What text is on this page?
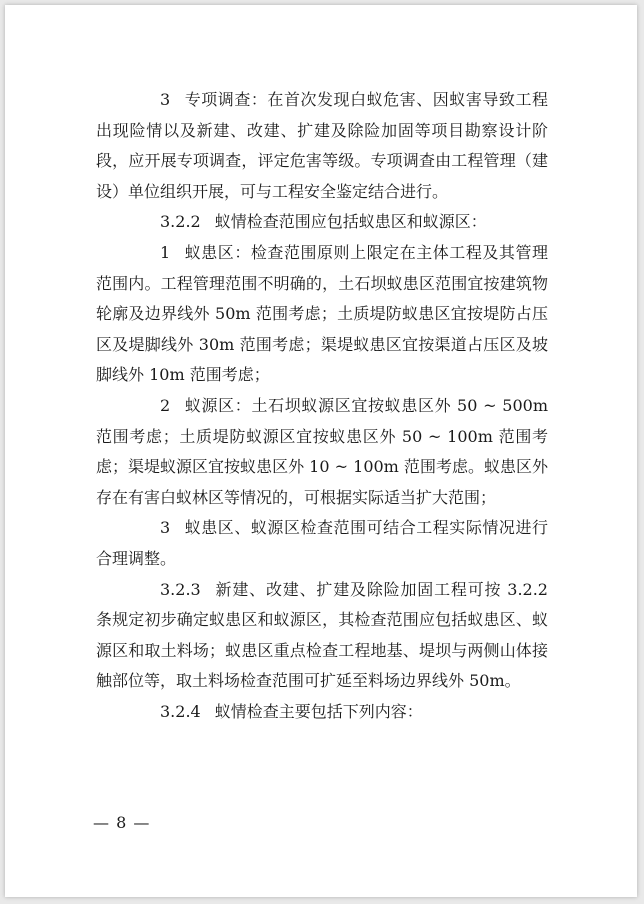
3 专项调查：在首次发现白蚁危害、因蚁害导致工程出现险情以及新建、改建、扩建及除险加固等项目勘察设计阶段，应开展专项调查，评定危害等级。专项调查由工程管理（建设）单位组织开展，可与工程安全鉴定结合进行。

3.2.2 蚁情检查范围应包括蚁患区和蚁源区：

1 蚁患区：检查范围原则上限定在主体工程及其管理范围内。工程管理范围不明确的，土石坝蚁患区范围宜按建筑物轮廓及边界线外 50m 范围考虑；土质堤防蚁患区宜按堤防占压区及堤脚线外 30m 范围考虑；渠堤蚁患区宜按渠道占压区及坡脚线外 10m 范围考虑；

2 蚁源区：土石坝蚁源区宜按蚁患区外 50 ~ 500m 范围考虑；土质堤防蚁源区宜按蚁患区外 50 ~ 100m 范围考虑；渠堤蚁源区宜按蚁患区外 10 ~ 100m 范围考虑。蚁患区外存在有害白蚁林区等情况的，可根据实际适当扩大范围；

3 蚁患区、蚁源区检查范围可结合工程实际情况进行合理调整。

3.2.3 新建、改建、扩建及除险加固工程可按 3.2.2 条规定初步确定蚁患区和蚁源区，其检查范围应包括蚁患区、蚁源区和取土料场；蚁患区重点检查工程地基、堤坝与两侧山体接触部位等，取土料场检查范围可扩延至料场边界线外 50m。

3.2.4 蚁情检查主要包括下列内容：

— 8 —
